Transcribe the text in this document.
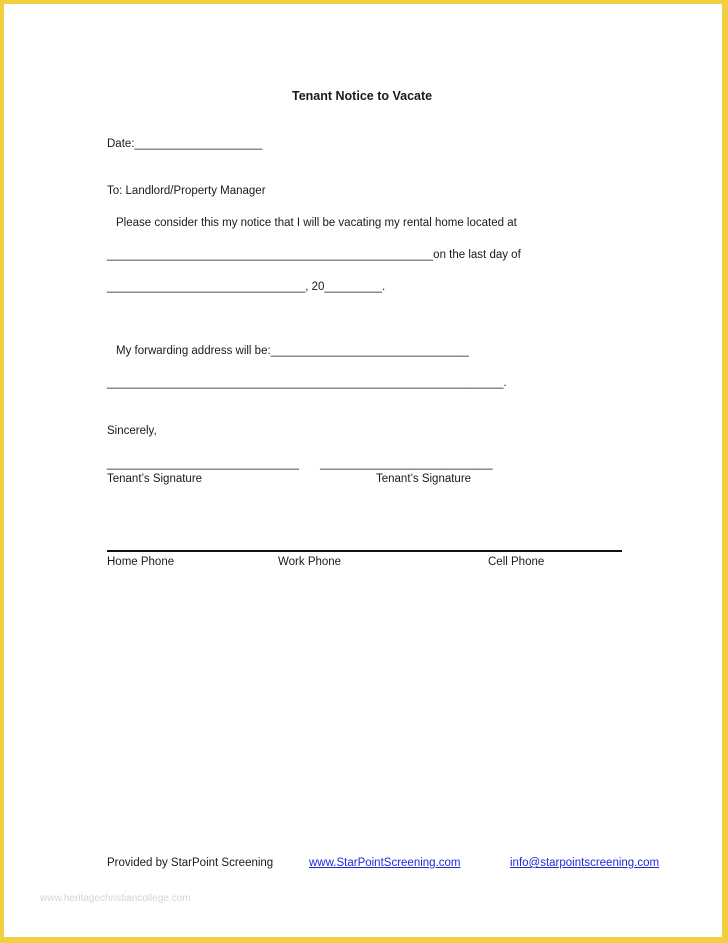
Tenant Notice to Vacate
Date:____________________
To: Landlord/Property Manager
Please consider this my notice that I will be vacating my rental home located at
___________________________________________________on the last day of
_______________________________, 20_________.
My forwarding address will be:_______________________________
______________________________________________________________.
Sincerely,
______________________________ ___________________________
Tenant’s Signature	Tenant’s Signature
Home Phone	Work Phone	Cell Phone
Provided by StarPoint Screening	www.StarPointScreening.com	info@starpointscreening.com
www.heritagechristiancollege.com
